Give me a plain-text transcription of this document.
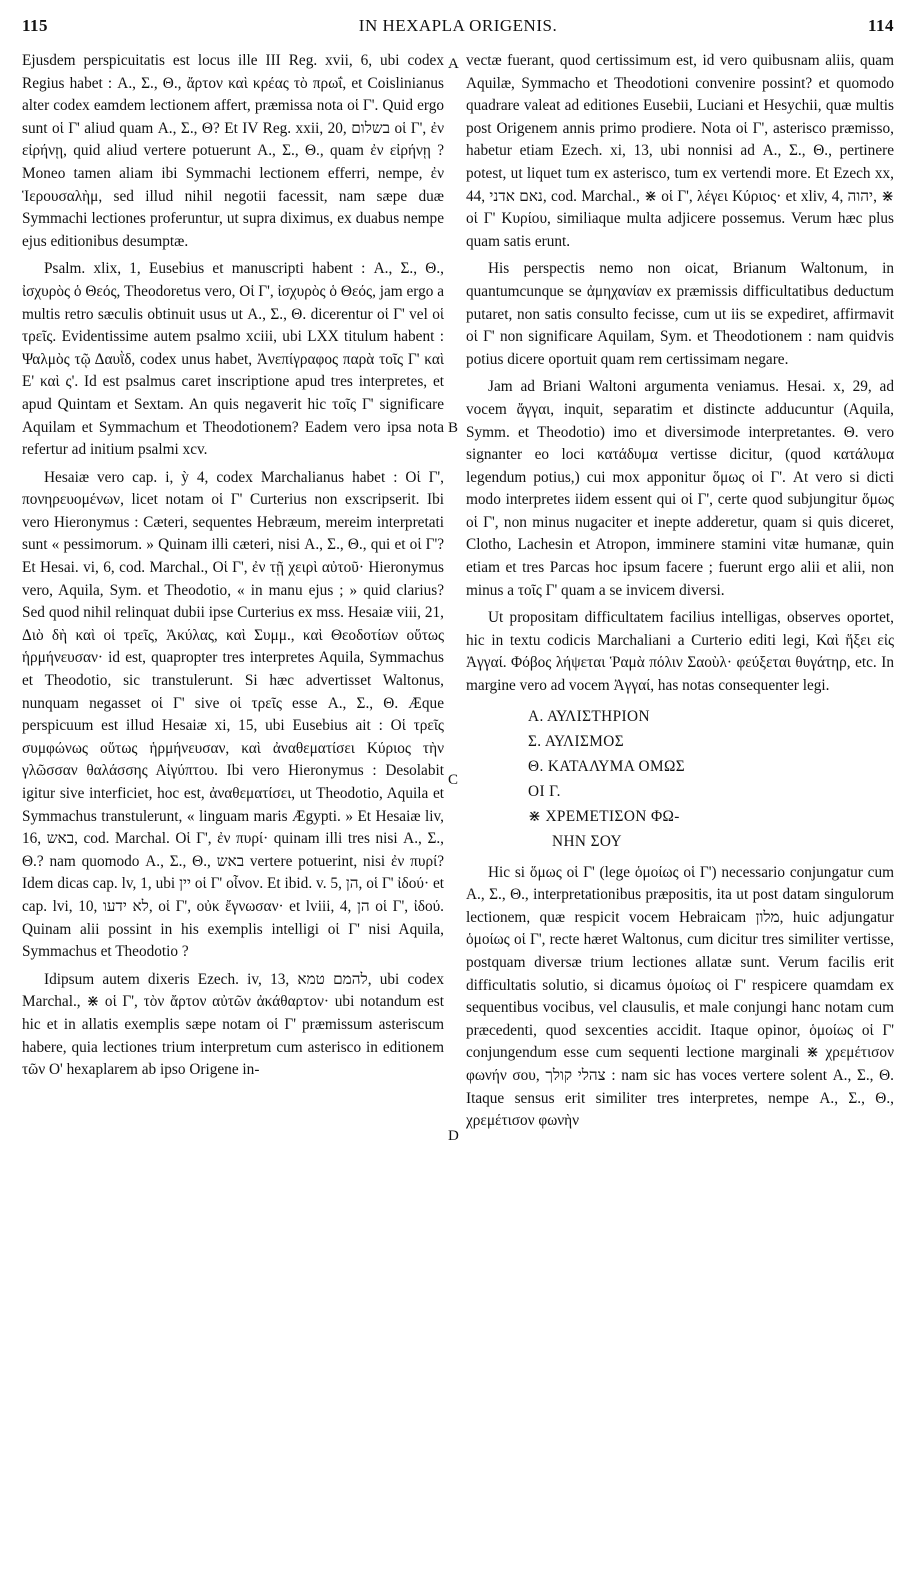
115	IN HEXAPLA ORIGENIS.	114
A
B
C
D

Ejusdem perspicuitatis est locus ille III Reg. xvii, 6, ubi codex Regius habet : Α., Σ., Θ., ἄρτον καὶ κρέας τὸ πρωΐ, et Coislinianus alter codex eamdem lectionem affert, præmissa nota οἱ Γ'. Quid ergo sunt οἱ Γ' aliud quam Α., Σ., Θ? Et IV Reg. xxii, 20, בשלום οἱ Γ', ἐν εἰρήνῃ, quid aliud vertere potuerunt Α., Σ., Θ., quam ἐν εἰρήνῃ ? Moneo tamen aliam ibi Symmachi lectionem efferri, nempe, ἐν Ἱερουσαλὴμ, sed illud nihil negotii facessit, nam sæpe duæ Symmachi lectiones proferuntur, ut supra diximus, ex duabus nempe ejus editionibus desumptæ.

Psalm. xlix, 1, Eusebius et manuscripti habent : Α., Σ., Θ., ἰσχυρὸς ὁ Θεός, Theodoretus vero, Οἱ Γ', ἰσχυρὸς ὁ Θεός, jam ergo a multis retro sæculis obtinuit usus ut Α., Σ., Θ. dicerentur οἱ Γ' vel οἱ τρεῖς. Evidentissime autem psalmo xciii, ubi LXX titulum habent : Ψαλμὸς τῷ Δαυῒδ, codex unus habet, Ἀνεπίγραφος παρὰ τοῖς Γ' καὶ Ε' καὶ ς'. Id est psalmus caret inscriptione apud tres interpretes, et apud Quintam et Sextam. An quis negaverit hic τοῖς Γ' significare Aquilam et Symmachum et Theodotionem? Eadem vero ipsa nota refertur ad initium psalmi xcv.

Hesaiæ vero cap. i, ỳ 4, codex Marchalianus habet : Οἱ Γ', πονηρευομένων, licet notam οἱ Γ' Curterius non exscripserit. Ibi vero Hieronymus : Cæteri, sequentes Hebræum, mereim interpretati sunt « pessimorum. » Quinam illi cæteri, nisi Α., Σ., Θ., qui et οἱ Γ'? Et Hesai. vi, 6, cod. Marchal., Οἱ Γ', ἐν τῇ χειρὶ αὐτοῦ· Hieronymus vero, Aquila, Sym. et Theodotio, « in manu ejus ; » quid clarius? Sed quod nihil relinquat dubii ipse Curterius ex mss. Hesaiæ viii, 21, Διὸ δὴ καὶ οἱ τρεῖς, Ἀκύλας, καὶ Συμμ., καὶ Θεοδοτίων οὕτως ἡρμήνευσαν· id est, quapropter tres interpretes Aquila, Symmachus et Theodotio, sic transtulerunt. Si hæc advertisset Waltonus, nunquam negasset οἱ Γ' sive οἱ τρεῖς esse Α., Σ., Θ. Æque perspicuum est illud Hesaiæ xi, 15, ubi Eusebius ait : Οἱ τρεῖς συμφώνως οὕτως ἡρμήνευσαν, καὶ ἀναθεματίσει Κύριος τὴν γλῶσσαν θαλάσσης Αἰγύπτου. Ibi vero Hieronymus : Desolabit igitur sive interficiet, hoc est, ἀναθεματίσει, ut Theodotio, Aquila et Symmachus transtulerunt, « linguam maris Ægypti. » Et Hesaiæ liv, 16, באש, cod. Marchal. Οἱ Γ', ἐν πυρί· quinam illi tres nisi Α., Σ., Θ.? nam quomodo Α., Σ., Θ., באש vertere potuerint, nisi ἐν πυρί? Idem dicas cap. lv, 1, ubi יין οἱ Γ' οἶνον. Et ibid. v. 5, הן, οἱ Γ' ἰδού· et cap. lvi, 10, לא ידעו, οἱ Γ', οὐκ ἔγνωσαν· et lviii, 4, הן οἱ Γ', ἰδού. Quinam alii possint in his exemplis intelligi οἱ Γ' nisi Aquila, Symmachus et Theodotio ?

Idipsum autem dixeris Ezech. iv, 13, להמם טמא, ubi codex Marchal., ⋇ οἱ Γ', τὸν ἄρτον αὐτῶν ἀκάθαρτον· ubi notandum est hic et in allatis exemplis sæpe notam οἱ Γ' præmissum asteriscum habere, quia lectiones trium interpretum cum asterisco in editionem τῶν Ο' hexaplarem ab ipso Origene in-

vectæ fuerant, quod certissimum est, id vero quibusnam aliis, quam Aquilæ, Symmacho et Theodotioni convenire possint? et quomodo quadrare valeat ad editiones Eusebii, Luciani et Hesychii, quæ multis post Origenem annis primo prodiere. Nota οἱ Γ', asterisco præmisso, habetur etiam Ezech. xi, 13, ubi nonnisi ad Α., Σ., Θ., pertinere potest, ut liquet tum ex asterisco, tum ex vertendi more. Et Ezech xx, 44, נאם אדני, cod. Marchal., ⋇ οἱ Γ', λέγει Κύριος· et xliv, 4, יהוה, ⋇ οἱ Γ' Κυρίου, similiaque multa adjicere possemus. Verum hæc plus quam satis erunt.

His perspectis nemo non oicat, Brianum Waltonum, in quantumcunque se ἀμηχανίαν ex præmissis difficultatibus deductum putaret, non satis consulto fecisse, cum ut iis se expediret, affirmavit οἱ Γ' non significare Aquilam, Sym. et Theodotionem : nam quidvis potius dicere oportuit quam rem certissimam negare.

Jam ad Briani Waltoni argumenta veniamus. Hesai. x, 29, ad vocem ἄγγαι, inquit, separatim et distincte adducuntur (Aquila, Symm. et Theodotio) imo et diversimode interpretantes. Θ. vero signanter eo loci κατάδυμα vertisse dicitur, (quod κατάλυμα legendum potius,) cui mox apponitur ὅμως οἱ Γ'. At vero si dicti modo interpretes iidem essent qui οἱ Γ', certe quod subjungitur ὅμως οἱ Γ', non minus nugaciter et inepte adderetur, quam si quis diceret, Clotho, Lachesin et Atropon, imminere stamini vitæ humanæ, quin etiam et tres Parcas hoc ipsum facere ; fuerunt ergo alii et alii, non minus a τοῖς Γ' quam a se invicem diversi.

Ut propositam difficultatem facilius intelligas, observes oportet, hic in textu codicis Marchaliani a Curterio editi legi, Καὶ ἥξει εἰς Ἀγγαί. Φόβος λήψεται Ῥαμὰ πόλιν Σαοὺλ· φεύξεται θυγάτηρ, etc. In margine vero ad vocem Ἀγγαί, has notas consequenter legi.

Α. ΑΥΛΙΣΤΗΡΙΟΝ
Σ. ΑΥΛΙΣΜΟΣ
Θ. ΚΑΤΑΛΥΜΑ ΟΜΩΣ
ΟΙ Γ.
⋇ ΧΡΕΜΕΤΙΣΟΝ ΦΩ-
ΝΗΝ ΣΟΥ

Hic si ὅμως οἱ Γ' (lege ὁμοίως οἱ Γ') necessario conjungatur cum Α., Σ., Θ., interpretationibus præpositis, ita ut post datam singulorum lectionem, quæ respicit vocem Hebraicam מלון, huic adjungatur ὁμοίως οἱ Γ', recte hæret Waltonus, cum dicitur tres similiter vertisse, postquam diversæ trium lectiones allatæ sunt. Verum facilis erit difficultatis solutio, si dicamus ὁμοίως οἱ Γ' respicere quamdam ex sequentibus vocibus, vel clausulis, et male conjungi hanc notam cum præcedenti, quod sexcenties accidit. Itaque opinor, ὁμοίως οἱ Γ' conjungendum esse cum sequenti lectione marginali ⋇ χρεμέτισον φωνήν σου, צהלי קולך : nam sic has voces vertere solent Α., Σ., Θ. Itaque sensus erit similiter tres interpretes, nempe Α., Σ., Θ., χρεμέτισον φωνὴν
